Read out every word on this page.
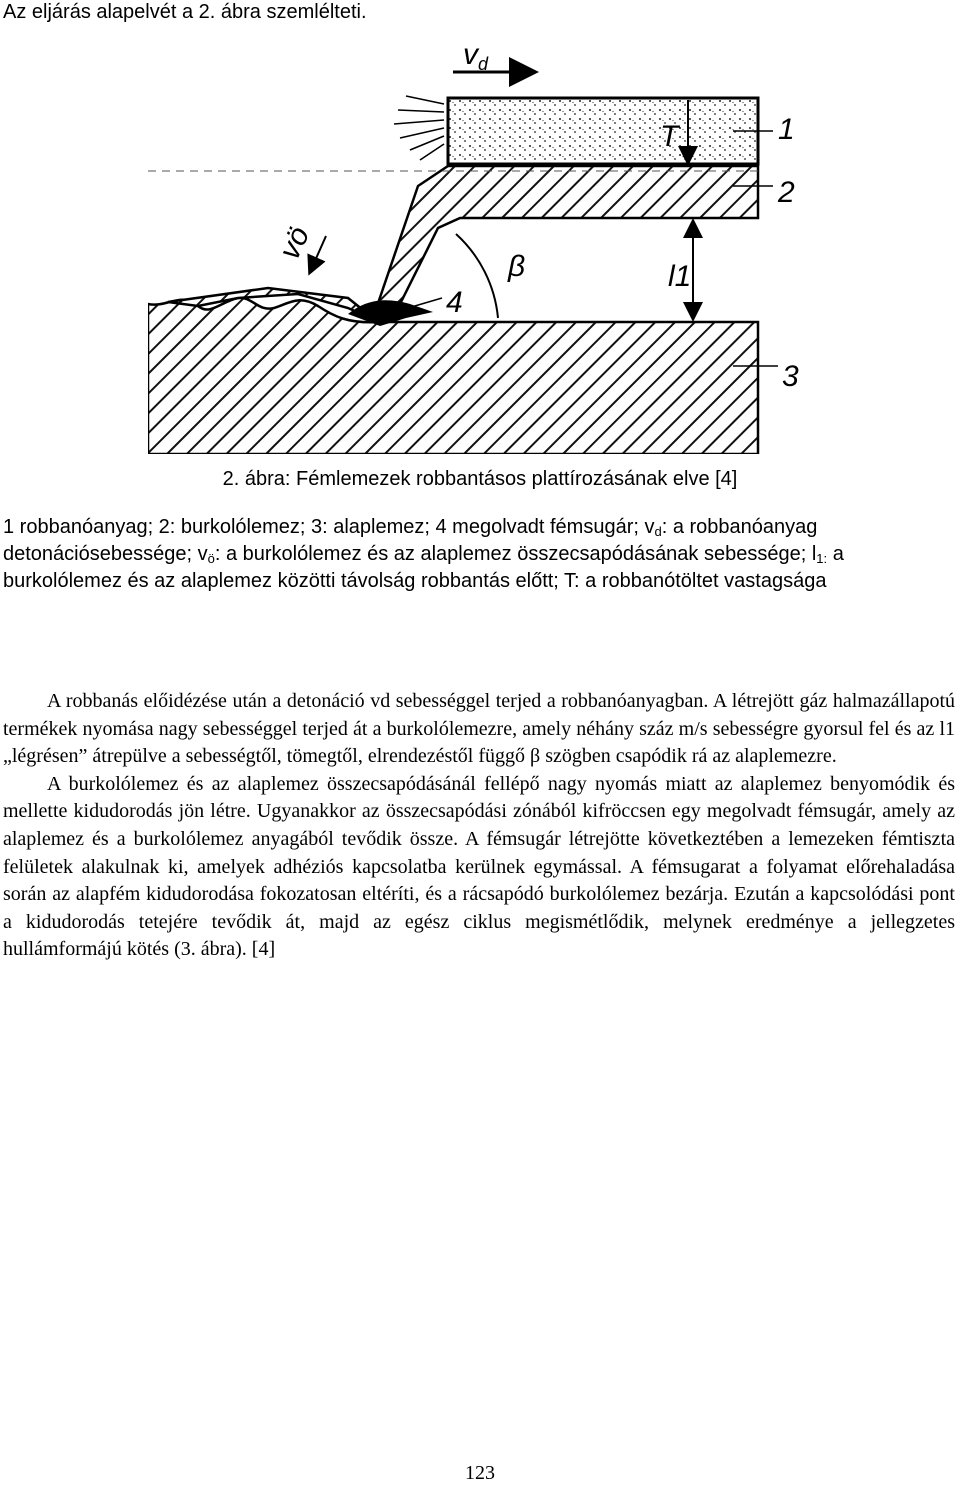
Az eljárás alapelvét a 2. ábra szemlélteti.

$v_d$
T
l1
β
vö
1
2
3
4

2. ábra: Fémlemezek robbantásos plattírozásának elve [4]

1 robbanóanyag; 2: burkolólemez; 3: alaplemez; 4 megolvadt fémsugár; $v_d$: a robbanóanyag detonációsebessége; $v_ö$: a burkolólemez és az alaplemez összecsapódásának sebessége; $l_{1:}$ a burkolólemez és az alaplemez közötti távolság robbantás előtt; T: a robbanótöltet vastagsága

A robbanás előidézése után a detonáció vd sebességgel terjed a robbanóanyagban. A létrejött gáz halmazállapotú termékek nyomása nagy sebességgel terjed át a burkolólemezre, amely néhány száz m/s sebességre gyorsul fel és az l1 „légrésen” átrepülve a sebességtől, tömegtől, elrendezéstől függő β szögben csapódik rá az alaplemezre.

A burkolólemez és az alaplemez összecsapódásánál fellépő nagy nyomás miatt az alaplemez benyomódik és mellette kidudorodás jön létre. Ugyanakkor az összecsapódási zónából kifröccsen egy megolvadt fémsugár, amely az alaplemez és a burkolólemez anyagából tevődik össze. A fémsugár létrejötte következtében a lemezeken fémtiszta felületek alakulnak ki, amelyek adhéziós kapcsolatba kerülnek egymással. A fémsugarat a folyamat előrehaladása során az alapfém kidudorodása fokozatosan eltéríti, és a rácsapódó burkolólemez bezárja. Ezután a kapcsolódási pont a kidudorodás tetejére tevődik át, majd az egész ciklus megismétlődik, melynek eredménye a jellegzetes hullámformájú kötés (3. ábra). [4]

123
